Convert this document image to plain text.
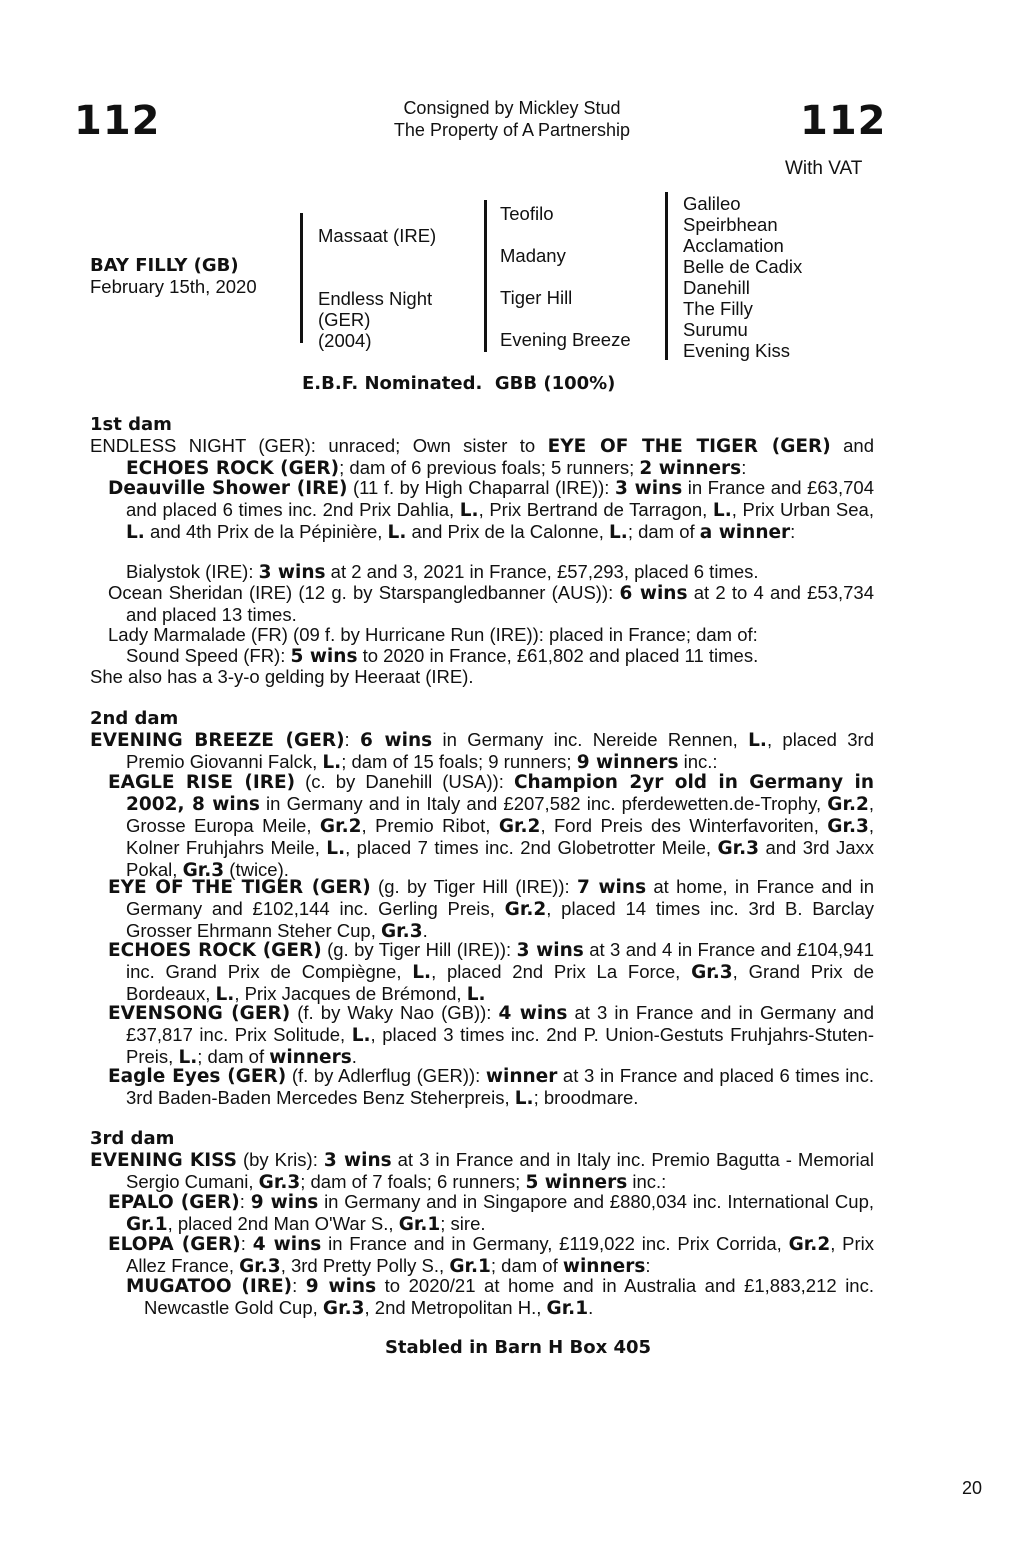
112	112
Consigned by Mickley Stud
The Property of A Partnership
With VAT
BAY FILLY (GB)
February 15th, 2020
Massaat (IRE)
Endless Night
(GER)
(2004)
Teofilo
Madany
Tiger Hill
Evening Breeze
Galileo
Speirbhean
Acclamation
Belle de Cadix
Danehill
The Filly
Surumu
Evening Kiss
E.B.F. Nominated. GBB (100%)
1st dam
ENDLESS NIGHT (GER): unraced; Own sister to EYE OF THE TIGER (GER) and ECHOES ROCK (GER); dam of 6 previous foals; 5 runners; 2 winners:
Deauville Shower (IRE) (11 f. by High Chaparral (IRE)): 3 wins in France and £63,704 and placed 6 times inc. 2nd Prix Dahlia, L., Prix Bertrand de Tarragon, L., Prix Urban Sea, L. and 4th Prix de la Pépinière, L. and Prix de la Calonne, L.; dam of a winner:
Bialystok (IRE): 3 wins at 2 and 3, 2021 in France, £57,293, placed 6 times.
Ocean Sheridan (IRE) (12 g. by Starspangledbanner (AUS)): 6 wins at 2 to 4 and £53,734 and placed 13 times.
Lady Marmalade (FR) (09 f. by Hurricane Run (IRE)): placed in France; dam of:
Sound Speed (FR): 5 wins to 2020 in France, £61,802 and placed 11 times.
She also has a 3-y-o gelding by Heeraat (IRE).
2nd dam
EVENING BREEZE (GER): 6 wins in Germany inc. Nereide Rennen, L., placed 3rd Premio Giovanni Falck, L.; dam of 15 foals; 9 runners; 9 winners inc.:
EAGLE RISE (IRE) (c. by Danehill (USA)): Champion 2yr old in Germany in 2002, 8 wins in Germany and in Italy and £207,582 inc. pferdewetten.de-Trophy, Gr.2, Grosse Europa Meile, Gr.2, Premio Ribot, Gr.2, Ford Preis des Winterfavoriten, Gr.3, Kolner Fruhjahrs Meile, L., placed 7 times inc. 2nd Globetrotter Meile, Gr.3 and 3rd Jaxx Pokal, Gr.3 (twice).
EYE OF THE TIGER (GER) (g. by Tiger Hill (IRE)): 7 wins at home, in France and in Germany and £102,144 inc. Gerling Preis, Gr.2, placed 14 times inc. 3rd B. Barclay Grosser Ehrmann Steher Cup, Gr.3.
ECHOES ROCK (GER) (g. by Tiger Hill (IRE)): 3 wins at 3 and 4 in France and £104,941 inc. Grand Prix de Compiègne, L., placed 2nd Prix La Force, Gr.3, Grand Prix de Bordeaux, L., Prix Jacques de Brémond, L.
EVENSONG (GER) (f. by Waky Nao (GB)): 4 wins at 3 in France and in Germany and £37,817 inc. Prix Solitude, L., placed 3 times inc. 2nd P. Union-Gestuts Fruhjahrs-Stuten-Preis, L.; dam of winners.
Eagle Eyes (GER) (f. by Adlerflug (GER)): winner at 3 in France and placed 6 times inc. 3rd Baden-Baden Mercedes Benz Steherpreis, L.; broodmare.
3rd dam
EVENING KISS (by Kris): 3 wins at 3 in France and in Italy inc. Premio Bagutta - Memorial Sergio Cumani, Gr.3; dam of 7 foals; 6 runners; 5 winners inc.:
EPALO (GER): 9 wins in Germany and in Singapore and £880,034 inc. International Cup, Gr.1, placed 2nd Man O'War S., Gr.1; sire.
ELOPA (GER): 4 wins in France and in Germany, £119,022 inc. Prix Corrida, Gr.2, Prix Allez France, Gr.3, 3rd Pretty Polly S., Gr.1; dam of winners:
MUGATOO (IRE): 9 wins to 2020/21 at home and in Australia and £1,883,212 inc. Newcastle Gold Cup, Gr.3, 2nd Metropolitan H., Gr.1.
Stabled in Barn H Box 405
20
